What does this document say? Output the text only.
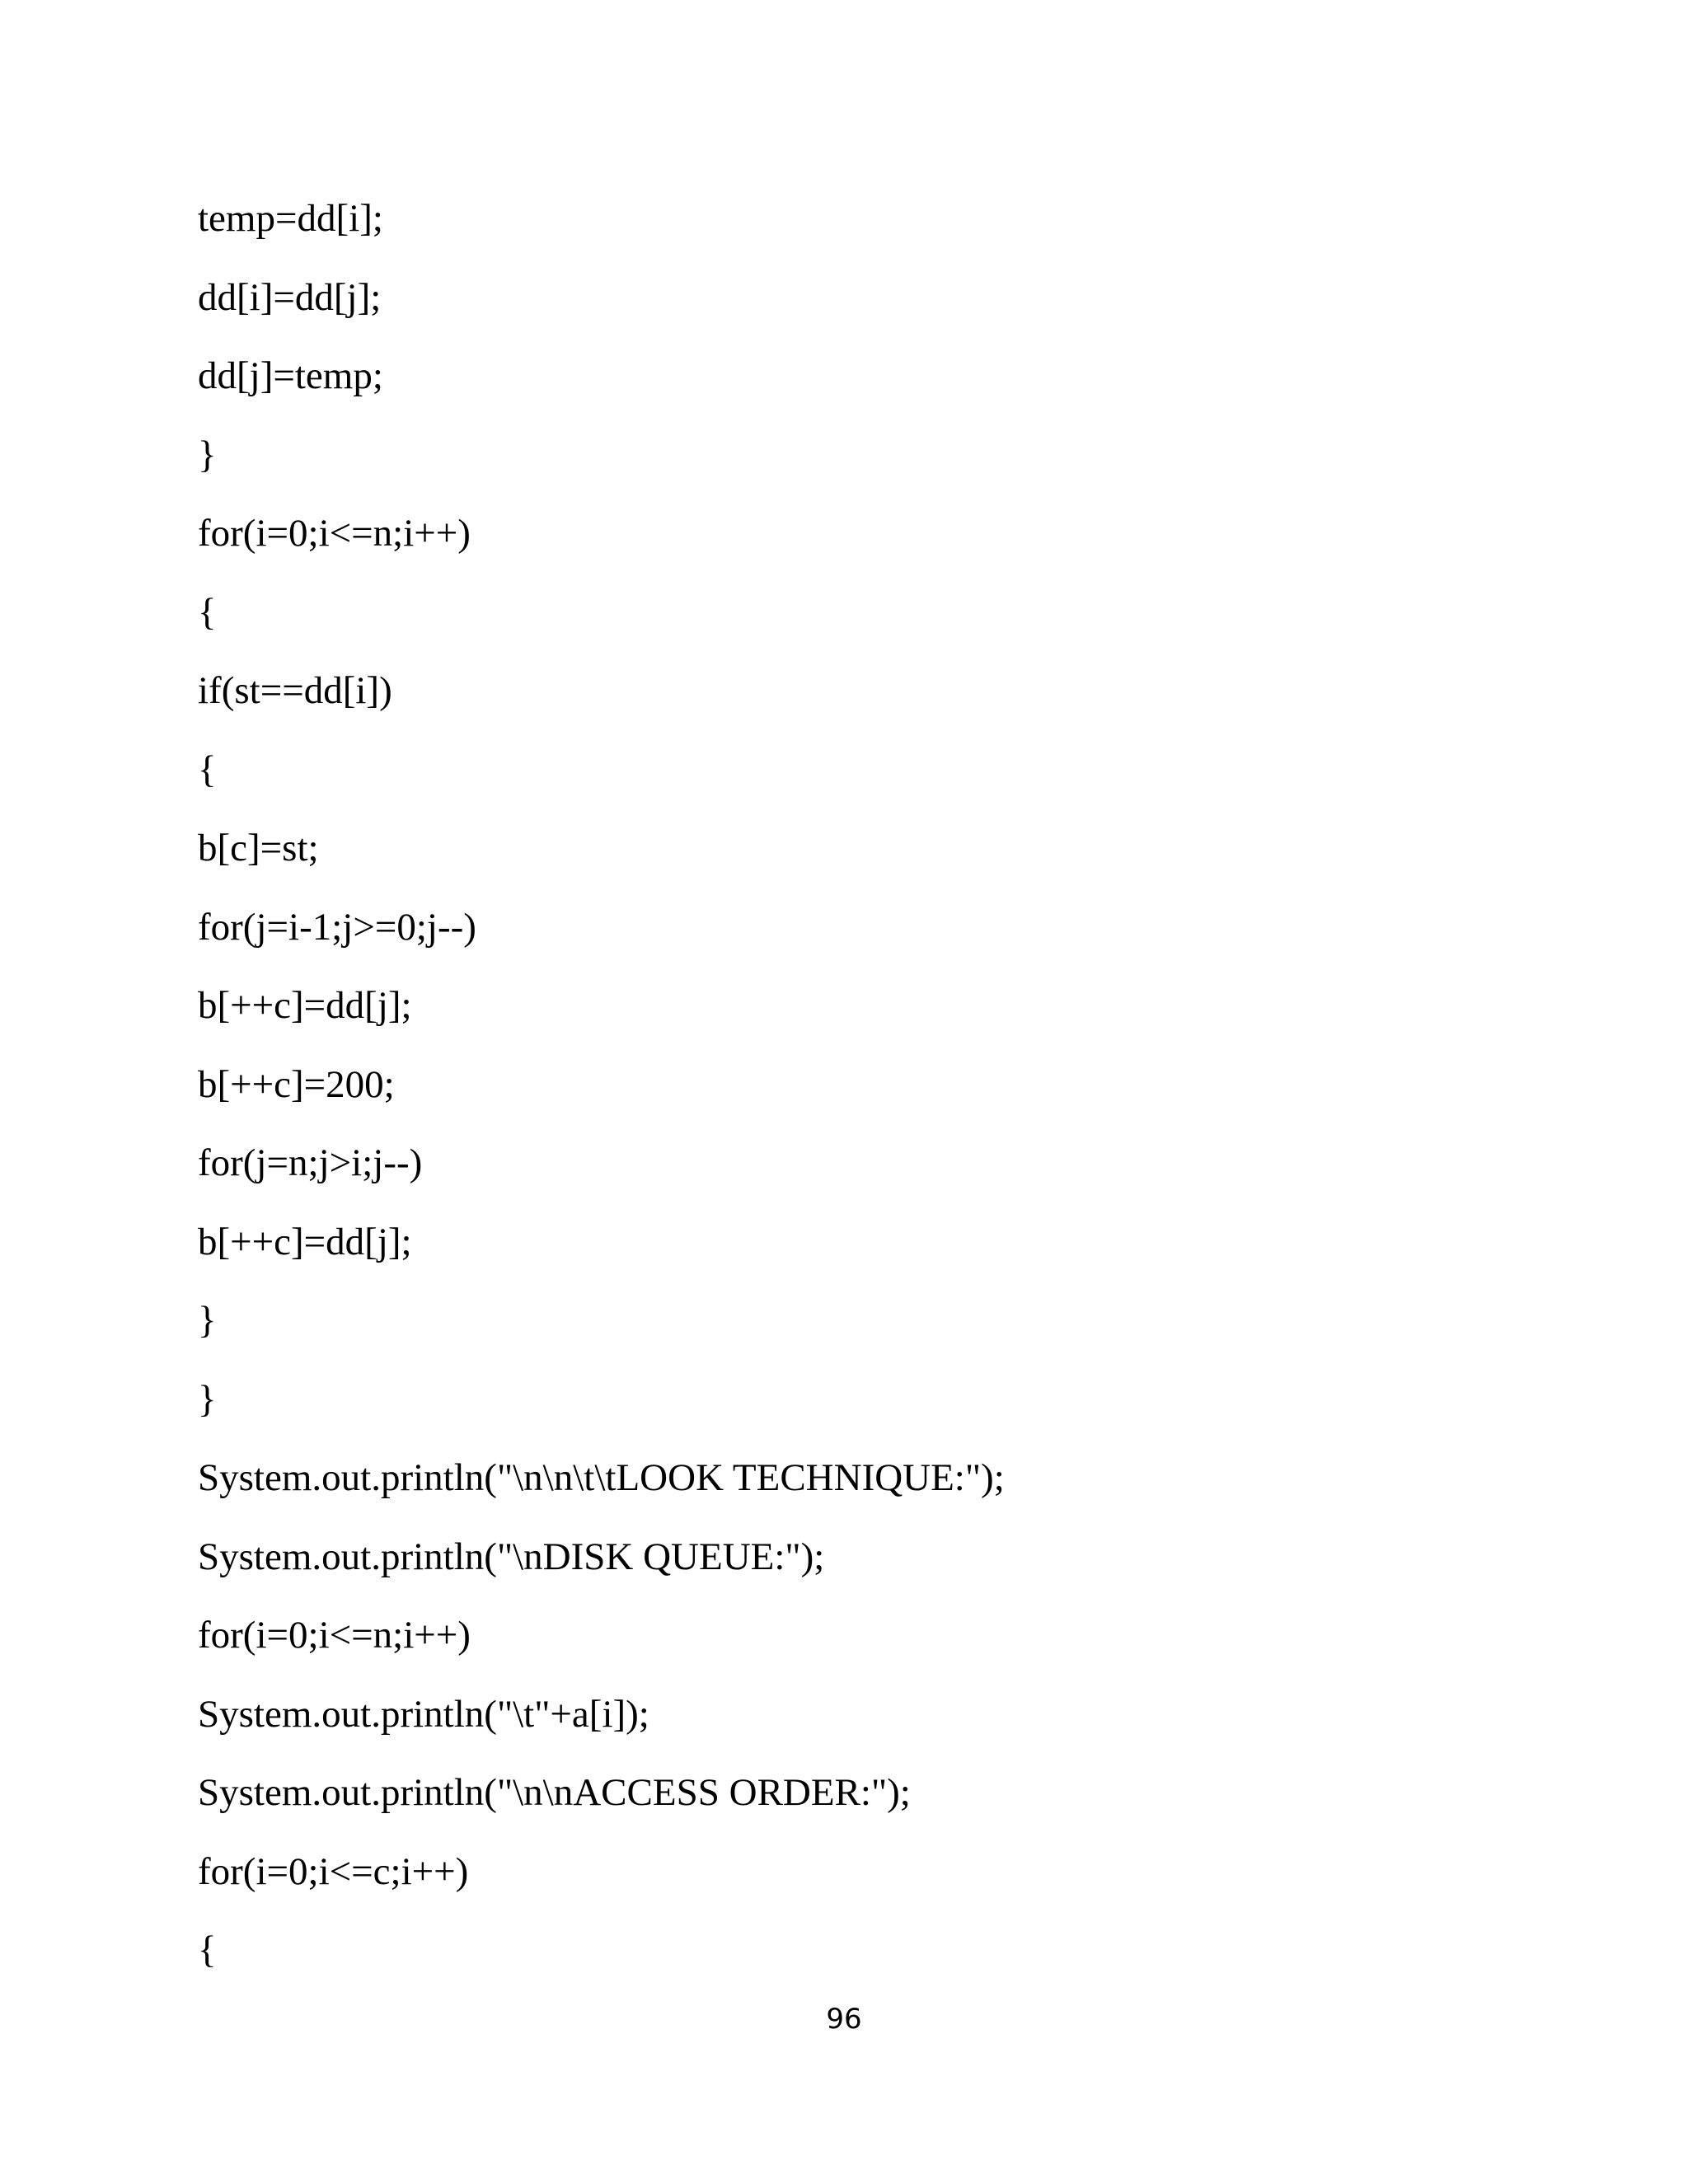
temp=dd[i];
dd[i]=dd[j];
dd[j]=temp;
}
for(i=0;i<=n;i++)
{
if(st==dd[i])
{
b[c]=st;
for(j=i-1;j>=0;j--)
b[++c]=dd[j];
b[++c]=200;
for(j=n;j>i;j--)
b[++c]=dd[j];
}
}
System.out.println("\n\n\t\tLOOK TECHNIQUE:");
System.out.println("\nDISK QUEUE:");
for(i=0;i<=n;i++)
System.out.println("\t"+a[i]);
System.out.println("\n\nACCESS ORDER:");
for(i=0;i<=c;i++)
{
96
